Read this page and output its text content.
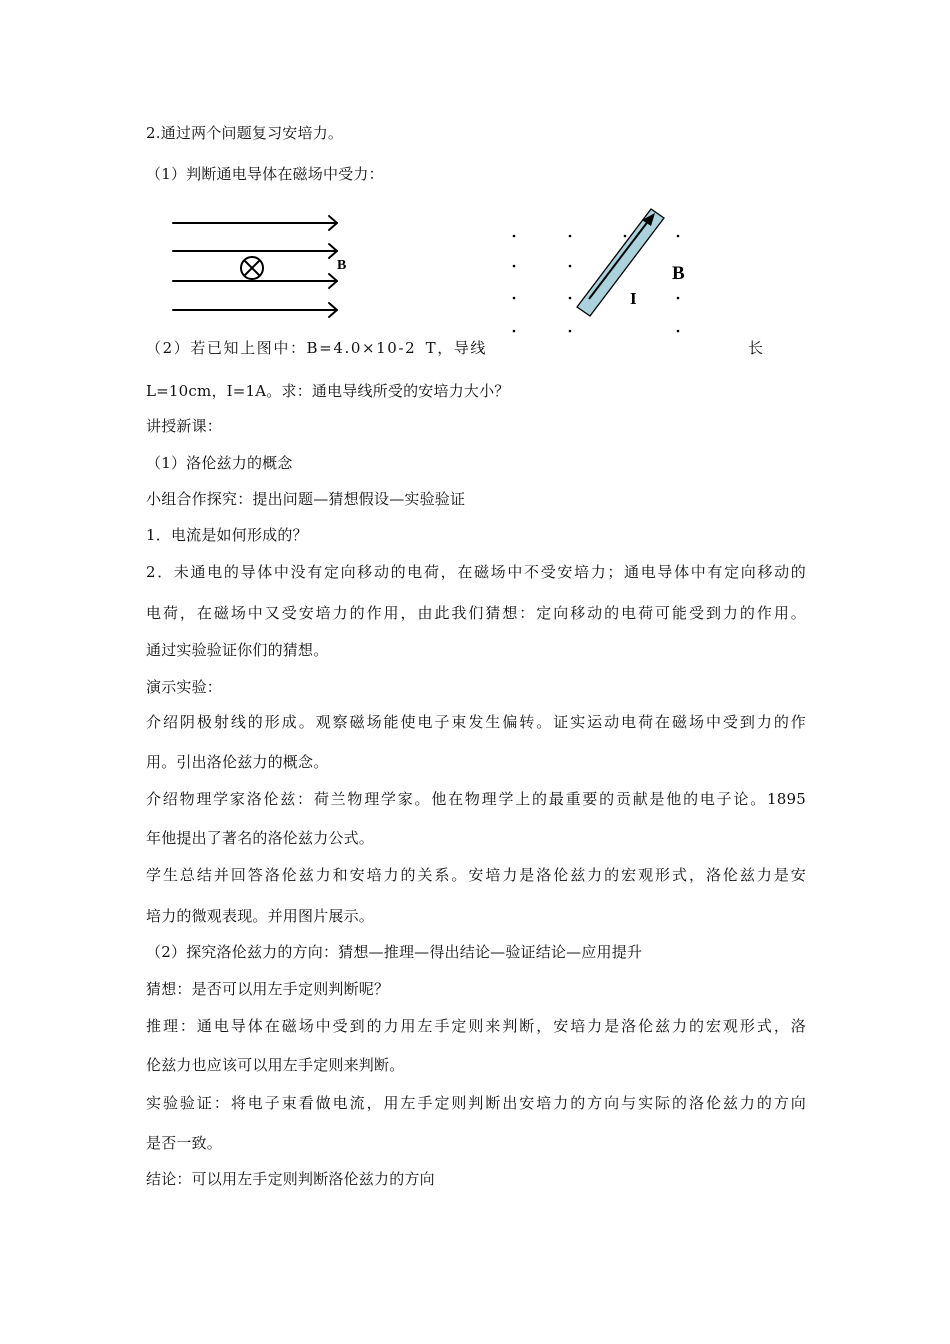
2.通过两个问题复习安培力。
（1）判断通电导体在磁场中受力：
B	B
I
（2）若已知上图中：B=4.0×10-2 T，导线	长
L=10cm，I=1A。求：通电导线所受的安培力大小？
讲授新课：
（1）洛伦兹力的概念
小组合作探究：提出问题—猜想假设—实验验证
1．电流是如何形成的？
2．未通电的导体中没有定向移动的电荷，在磁场中不受安培力；通电导体中有定向移动的
电荷，在磁场中又受安培力的作用，由此我们猜想：定向移动的电荷可能受到力的作用。
通过实验验证你们的猜想。
演示实验：
介绍阴极射线的形成。观察磁场能使电子束发生偏转。证实运动电荷在磁场中受到力的作
用。引出洛伦兹力的概念。
介绍物理学家洛伦兹：荷兰物理学家。他在物理学上的最重要的贡献是他的电子论。1895
年他提出了著名的洛伦兹力公式。
学生总结并回答洛伦兹力和安培力的关系。安培力是洛伦兹力的宏观形式，洛伦兹力是安
培力的微观表现。并用图片展示。
（2）探究洛伦兹力的方向：猜想—推理—得出结论—验证结论—应用提升
猜想：是否可以用左手定则判断呢？
推理：通电导体在磁场中受到的力用左手定则来判断，安培力是洛伦兹力的宏观形式，洛
伦兹力也应该可以用左手定则来判断。
实验验证：将电子束看做电流，用左手定则判断出安培力的方向与实际的洛伦兹力的方向
是否一致。
结论：可以用左手定则判断洛伦兹力的方向
